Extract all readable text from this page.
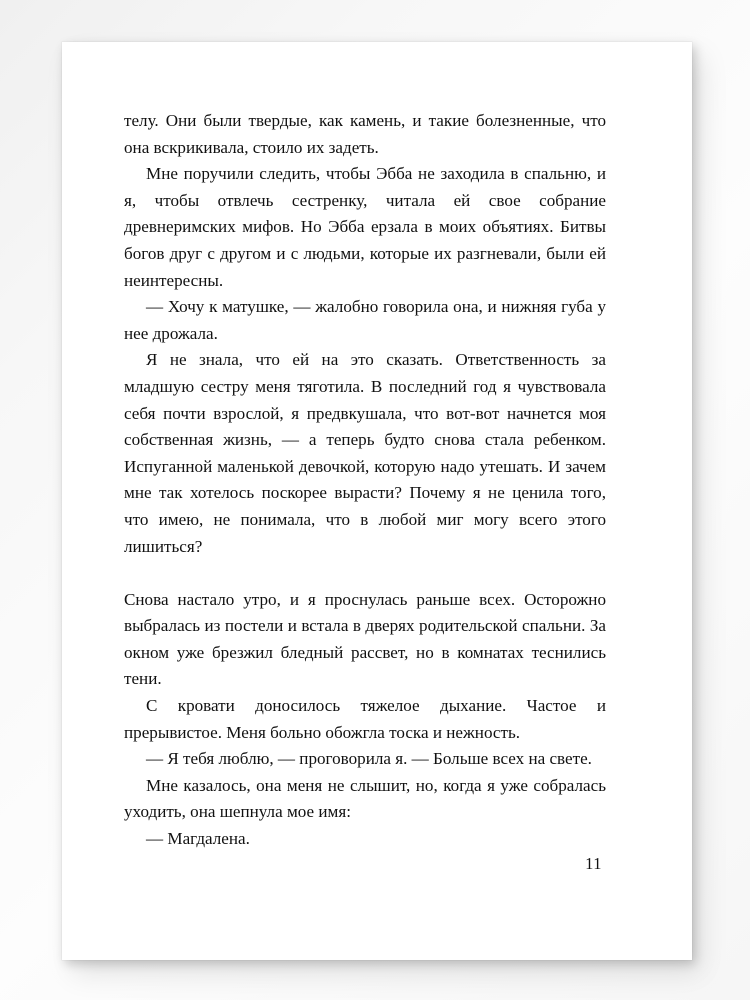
телу. Они были твердые, как камень, и такие болезненные, что она вскрикивала, стоило их задеть.

Мне поручили следить, чтобы Эбба не заходила в спальню, и я, чтобы отвлечь сестренку, читала ей свое собрание древнеримских мифов. Но Эбба ерзала в моих объятиях. Битвы богов друг с другом и с людьми, которые их разгневали, были ей неинтересны.

— Хочу к матушке, — жалобно говорила она, и нижняя губа у нее дрожала.

Я не знала, что ей на это сказать. Ответственность за младшую сестру меня тяготила. В последний год я чувствовала себя почти взрослой, я предвкушала, что вот-вот начнется моя собственная жизнь, — а теперь будто снова стала ребенком. Испуганной маленькой девочкой, которую надо утешать. И зачем мне так хотелось поскорее вырасти? Почему я не ценила того, что имею, не понимала, что в любой миг могу всего этого лишиться?

Снова настало утро, и я проснулась раньше всех. Осторожно выбралась из постели и встала в дверях родительской спальни. За окном уже брезжил бледный рассвет, но в комнатах теснились тени.

С кровати доносилось тяжелое дыхание. Частое и прерывистое. Меня больно обожгла тоска и нежность.

— Я тебя люблю, — проговорила я. — Больше всех на свете.

Мне казалось, она меня не слышит, но, когда я уже собралась уходить, она шепнула мое имя:

— Магдалена.

11
